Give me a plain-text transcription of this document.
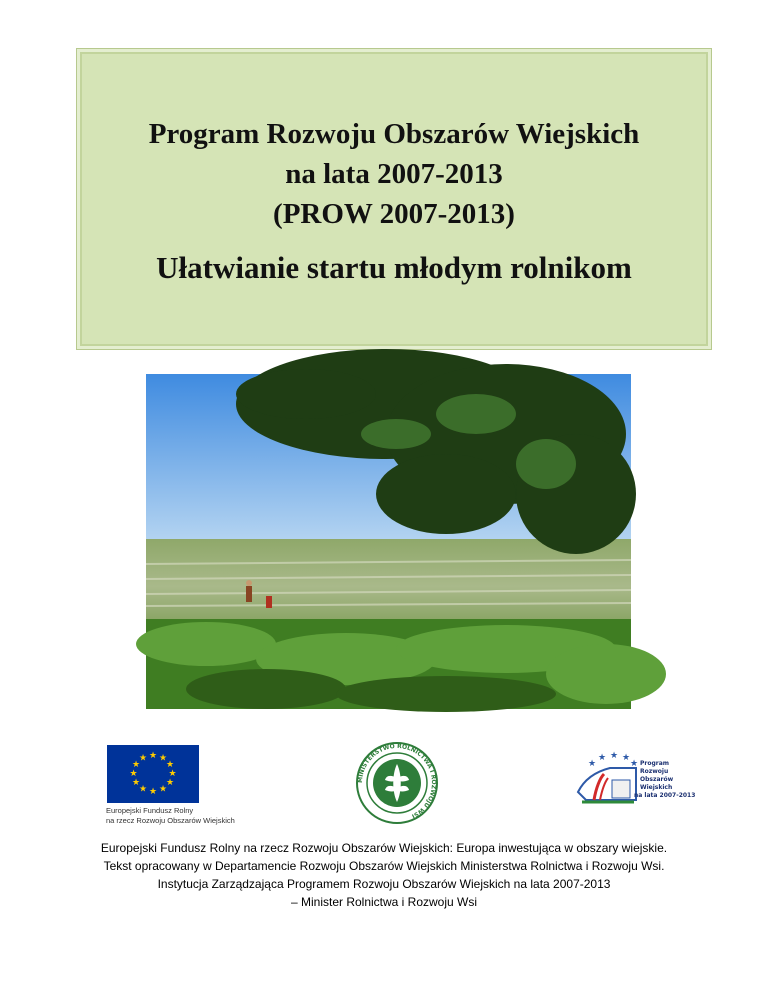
Program Rozwoju Obszarów Wiejskich
na lata 2007-2013
(PROW 2007-2013)
Ułatwianie startu młodym rolnikom
★ ★
★
★
★
★
★
★
★
★
★
★
Europejski Fundusz Rolny
na rzecz Rozwoju Obszarów Wiejskich
MINISTERSTWO ROLNICTWA I ROZWOJU WSI
★
★ ★ ★
★ Program
Rozwoju
Obszarów
Wiejskich
na lata 2007-2013
Europejski Fundusz Rolny na rzecz Rozwoju Obszarów Wiejskich: Europa inwestująca w obszary wiejskie.
Tekst opracowany w Departamencie Rozwoju Obszarów Wiejskich Ministerstwa Rolnictwa i Rozwoju Wsi.
Instytucja Zarządzająca Programem Rozwoju Obszarów Wiejskich na lata 2007-2013
– Minister Rolnictwa i Rozwoju Wsi
